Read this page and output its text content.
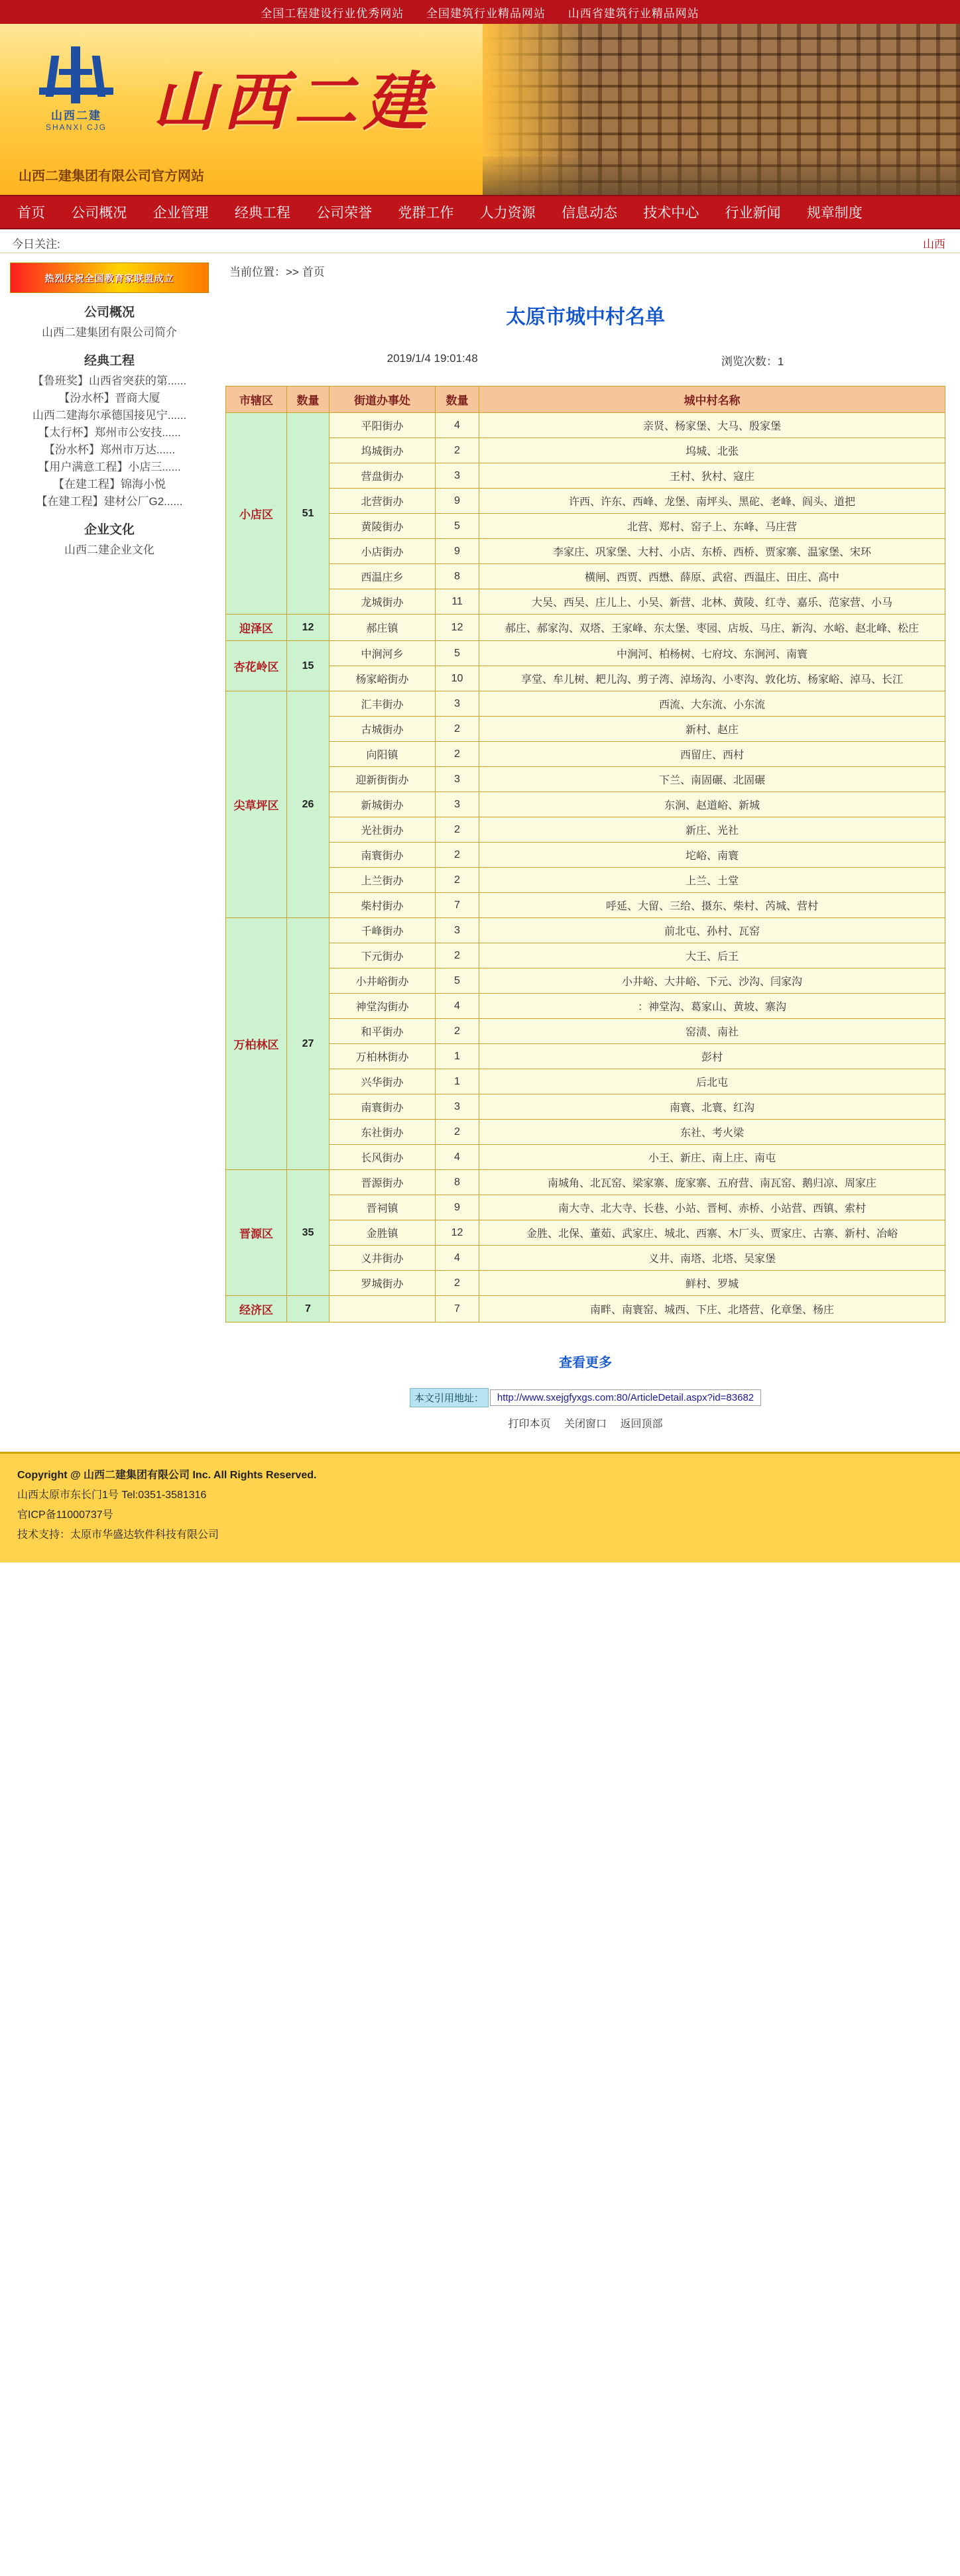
全国工程建设行业优秀网站 全国建筑行业精品网站 山西省建筑行业精品网站
山西二建
SHANXI CJG 山西二建
山西二建集团有限公司官方网站
首页 公司概况 企业管理 经典工程 公司荣誉 党群工作 人力资源 信息动态 技术中心 行业新闻 规章制度
今日关注:	山西
热烈庆祝全国教育家联盟成立
公司概况
山西二建集团有限公司简介
经典工程
【鲁班奖】山西省突获的第......
【汾水杯】晋商大厦
山西二建海尔承德国接见宁......
【太行杯】郑州市公安技......
【汾水杯】郑州市万达......
【用户满意工程】小店三......
【在建工程】锦海小悦
【在建工程】建材公厂G2......
企业文化
山西二建企业文化
当前位置：>> 首页
太原市城中村名单
2019/1/4 19:01:48	浏览次数：1
市辖区	数量	街道办事处	数量	城中村名称
小店区	51	平阳街办	4	亲贤、杨家堡、大马、殷家堡
		坞城街办	2	坞城、北张
		营盘街办	3	王村、狄村、寇庄
		北营街办	9	许西、许东、西峰、龙堡、南坪头、黑砣、老峰、阎头、道把
		黄陵街办	5	北营、郑村、窑子上、东峰、马庄营
		小店街办	9	李家庄、巩家堡、大村、小店、东桥、西桥、贾家寨、温家堡、宋环
		西温庄乡	8	横闸、西贾、西懋、薛原、武宿、西温庄、田庄、高中
		龙城街办	11	大吴、西吴、庄儿上、小吴、新营、北林、黄陵、红寺、嘉乐、范家营、小马
迎泽区	12	郝庄镇	12	郝庄、郝家沟、双塔、王家峰、东太堡、枣园、店坂、马庄、新沟、水峪、赵北峰、松庄
杏花岭区	15	中涧河乡	5	中涧河、柏杨树、七府坟、东涧河、南寰
		杨家峪街办	10	享堂、牟儿树、耙儿沟、剪子湾、淖场沟、小枣沟、敦化坊、杨家峪、淖马、长江
尖草坪区	26	汇丰街办	3	西流、大东流、小东流
		古城街办	2	新村、赵庄
		向阳镇	2	西留庄、西村
		迎新街街办	3	下兰、南固碾、北固碾
		新城街办	3	东涧、赵道峪、新城
		光社街办	2	新庄、光社
		南寰街办	2	坨峪、南寰
		上兰街办	2	上兰、土堂
		柴村街办	7	呼延、大留、三给、摄东、柴村、芮城、营村
万柏林区	27	千峰街办	3	前北屯、孙村、瓦窑
		下元街办	2	大王、后王
		小井峪街办	5	小井峪、大井峪、下元、沙沟、闫家沟
		神堂沟街办	4	：神堂沟、葛家山、黄坡、寨沟
		和平街办	2	窑渍、南社
		万柏林街办	1	彭村
		兴华街办	1	后北屯
		南寰街办	3	南寰、北寰、红沟
		东社街办	2	东社、考火梁
		长风街办	4	小王、新庄、南上庄、南屯
晋源区	35	晋源街办	8	南城角、北瓦窑、梁家寨、庞家寨、五府营、南瓦窑、鹅归凉、周家庄
		晋祠镇	9	南大寺、北大寺、长巷、小站、晋柯、赤桥、小站营、西镇、索村
		金胜镇	12	金胜、北保、董茹、武家庄、城北、西寨、木厂头、贾家庄、古寨、新村、冶峪
		义井街办	4	义井、南塔、北塔、吴家堡
		罗城街办	2	鲜村、罗城
经济区	7		7	南畔、南寰窑、城西、下庄、北塔营、化章堡、杨庄
查看更多
本文引用地址：	http://www.sxejgfyxgs.com:80/ArticleDetail.aspx?id=83682
打印本页 关闭窗口 返回顶部
Copyright @ 山西二建集团有限公司 Inc. All Rights Reserved.
山西太原市东长门1号 Tel:0351-3581316
官ICP备11000737号
技术支持：太原市华盛达软件科技有限公司
